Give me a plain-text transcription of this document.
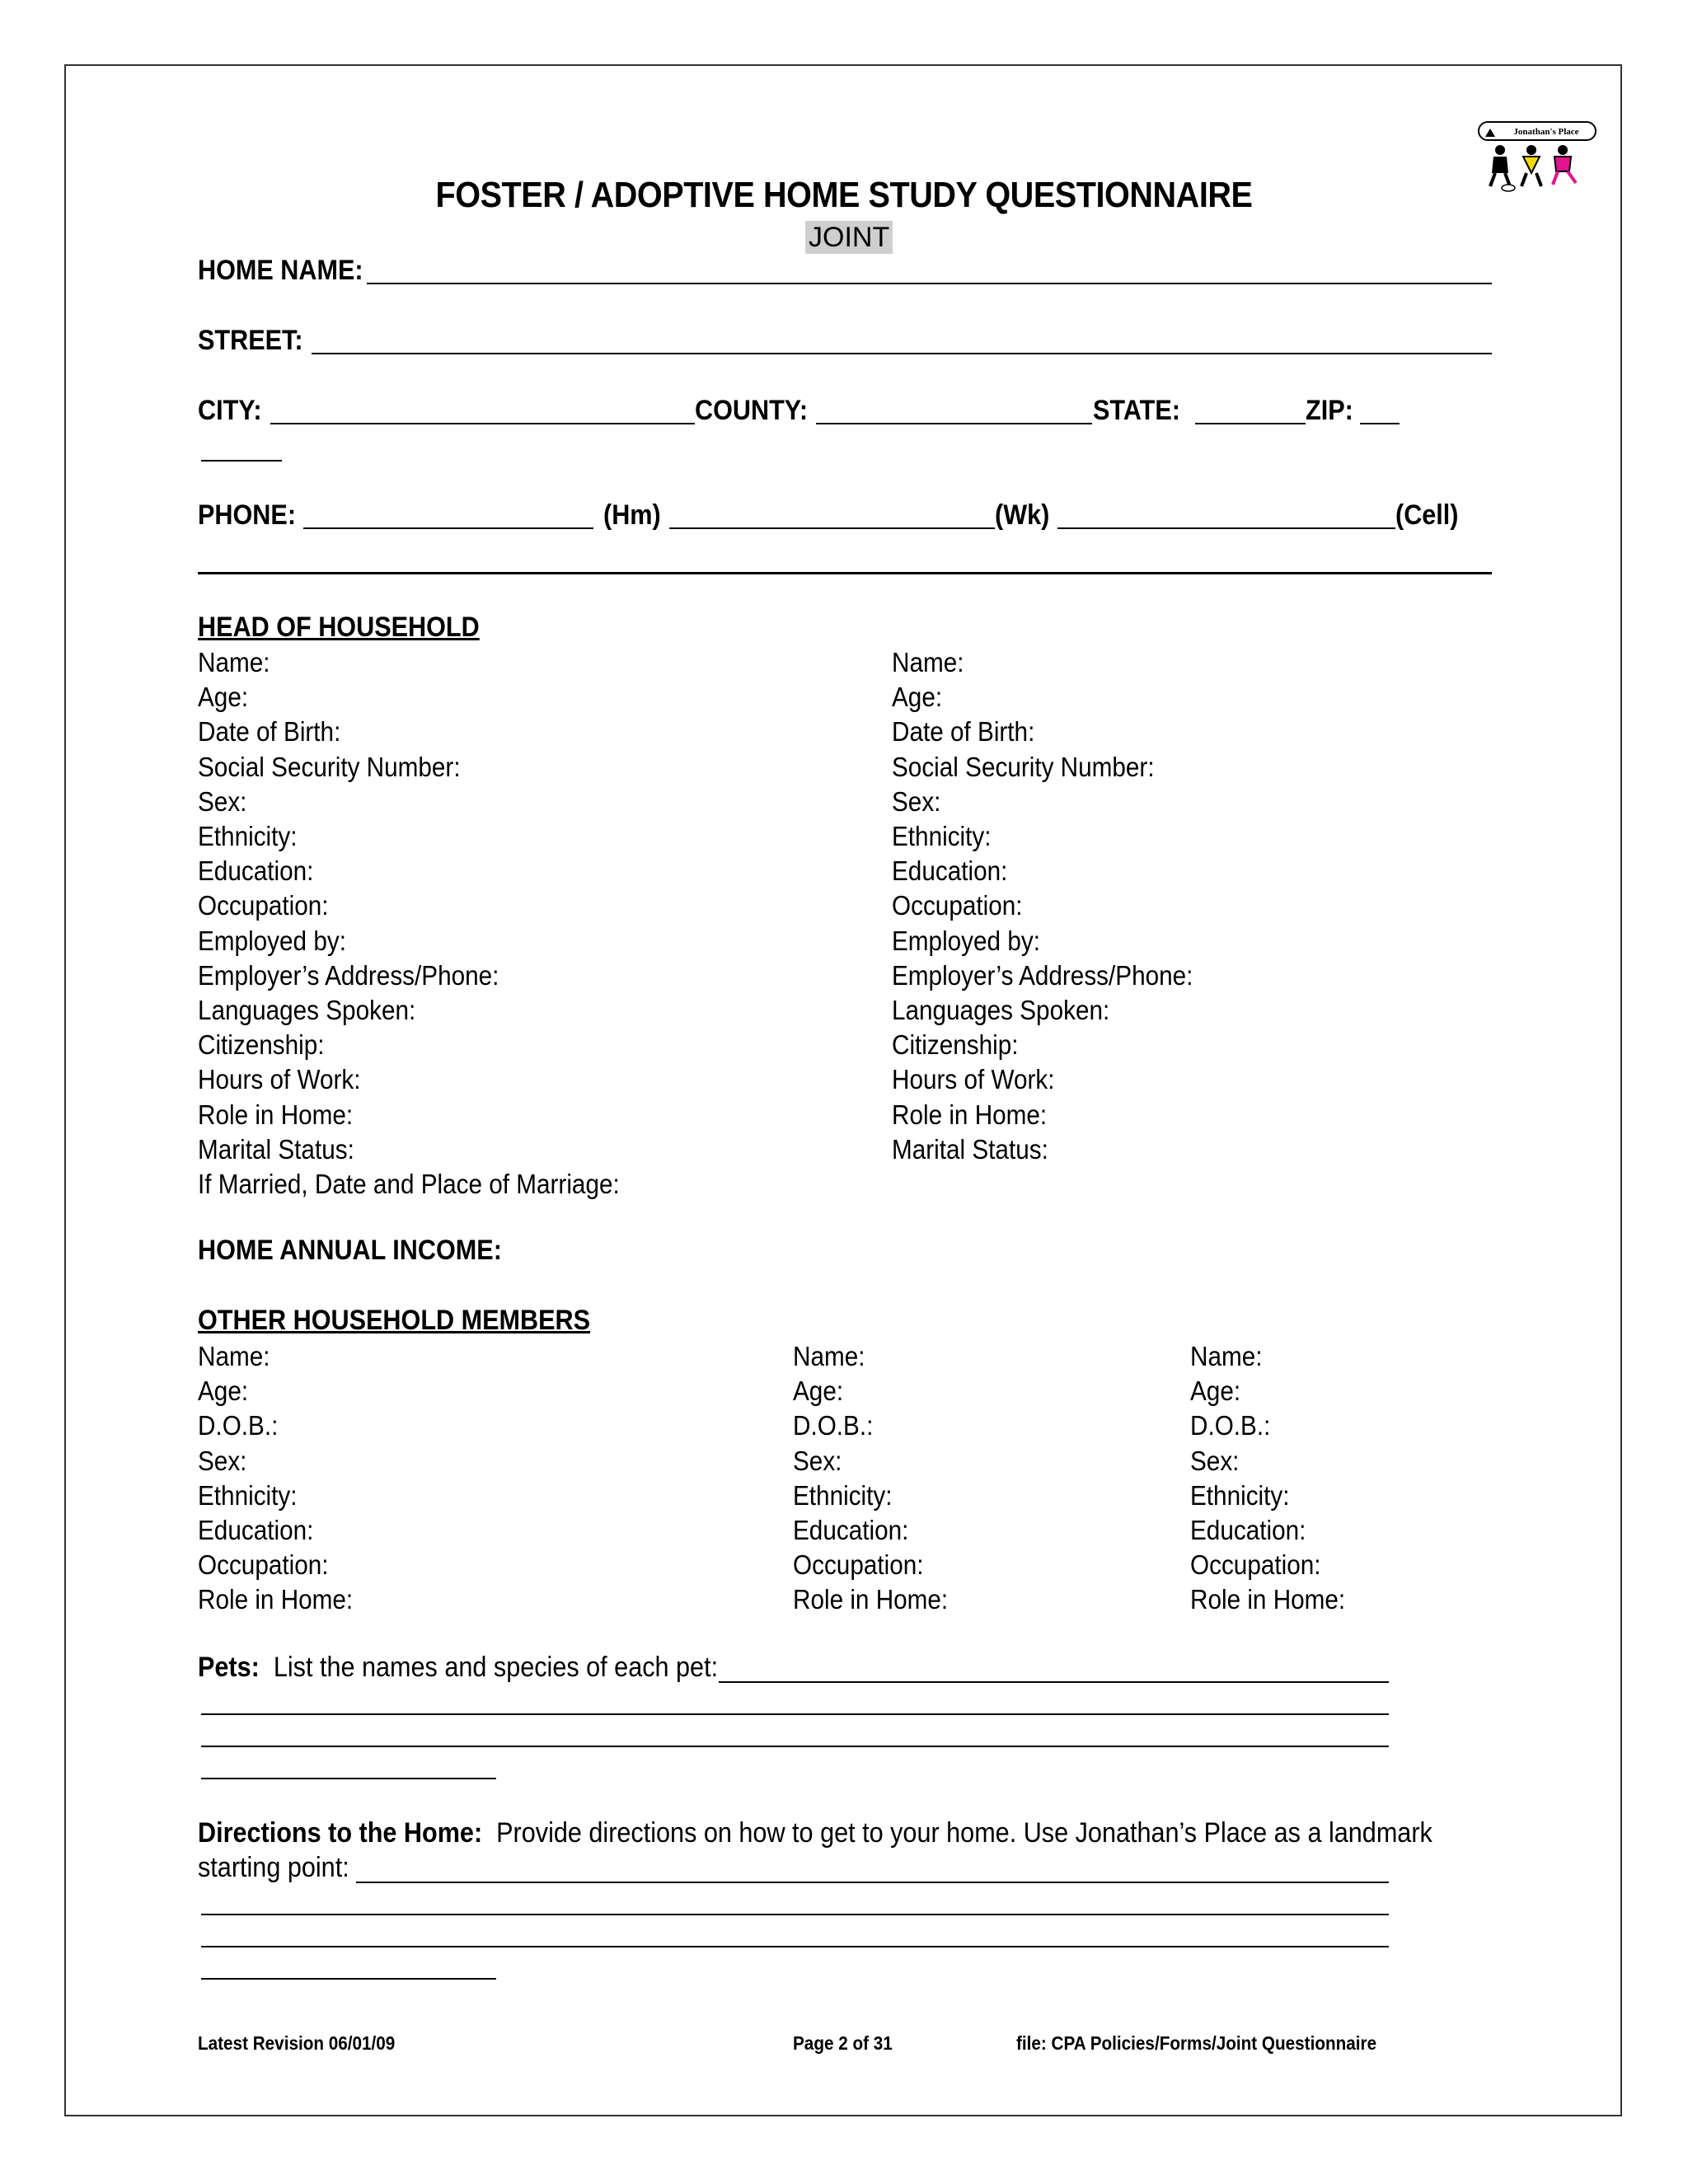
Jonathan's Place
FOSTER / ADOPTIVE HOME STUDY QUESTIONNAIRE
JOINT
HOME NAME:
STREET:
CITY:	COUNTY:	STATE:	ZIP:
PHONE:	(Hm)	(Wk)	(Cell)
HEAD OF HOUSEHOLD
Name:
Age:
Date of Birth:
Social Security Number:
Sex:
Ethnicity:
Education:
Occupation:
Employed by:
Employer’s Address/Phone:
Languages Spoken:
Citizenship:
Hours of Work:
Role in Home:
Marital Status:
If Married, Date and Place of Marriage:
Name:
Age:
Date of Birth:
Social Security Number:
Sex:
Ethnicity:
Education:
Occupation:
Employed by:
Employer’s Address/Phone:
Languages Spoken:
Citizenship:
Hours of Work:
Role in Home:
Marital Status:
HOME ANNUAL INCOME:
OTHER HOUSEHOLD MEMBERS
Name:
Age:
D.O.B.:
Sex:
Ethnicity:
Education:
Occupation:
Role in Home:
Name:
Age:
D.O.B.:
Sex:
Ethnicity:
Education:
Occupation:
Role in Home:
Name:
Age:
D.O.B.:
Sex:
Ethnicity:
Education:
Occupation:
Role in Home:
Pets: List the names and species of each pet:
Directions to the Home: Provide directions on how to get to your home. Use Jonathan’s Place as a landmark
starting point:
Latest Revision 06/01/09	Page 2 of 31	file: CPA Policies/Forms/Joint Questionnaire
